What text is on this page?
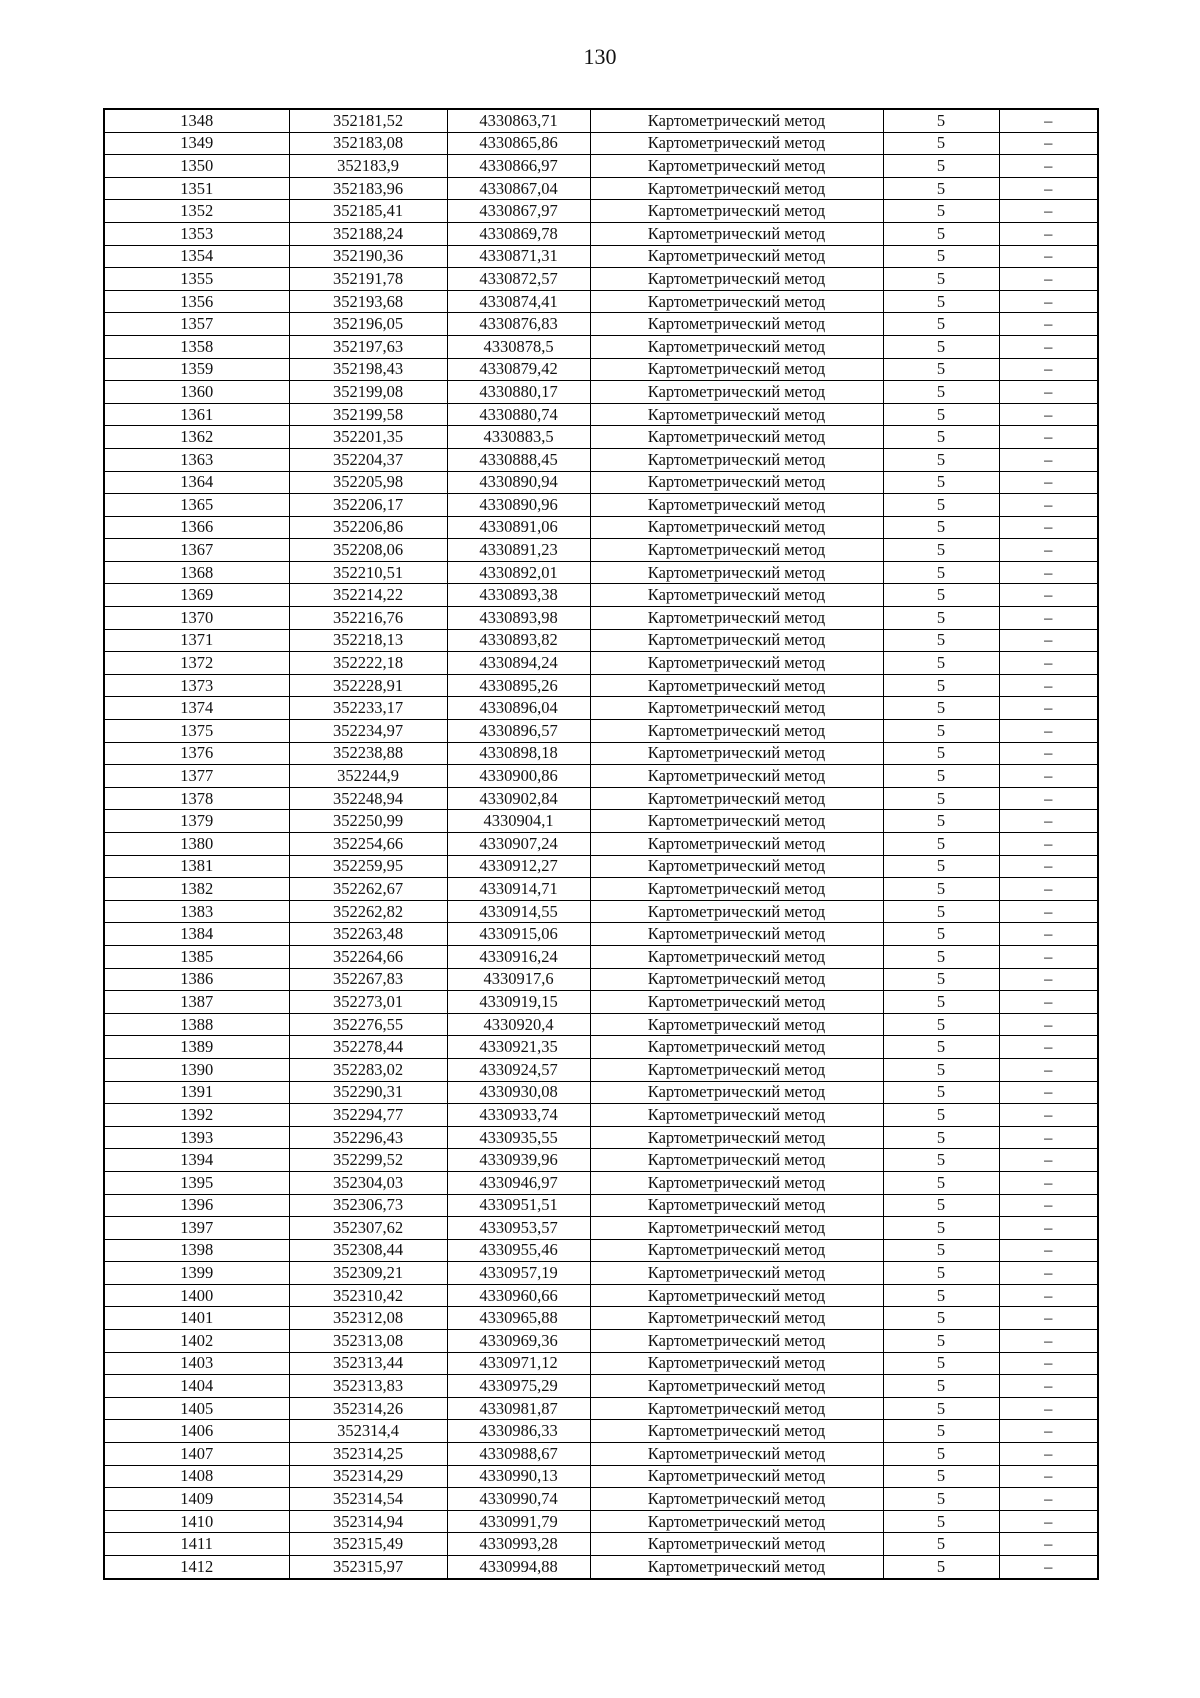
130
1348	352181,52	4330863,71	Картометрический метод	5	–
1349	352183,08	4330865,86	Картометрический метод	5	–
1350	352183,9	4330866,97	Картометрический метод	5	–
1351	352183,96	4330867,04	Картометрический метод	5	–
1352	352185,41	4330867,97	Картометрический метод	5	–
1353	352188,24	4330869,78	Картометрический метод	5	–
1354	352190,36	4330871,31	Картометрический метод	5	–
1355	352191,78	4330872,57	Картометрический метод	5	–
1356	352193,68	4330874,41	Картометрический метод	5	–
1357	352196,05	4330876,83	Картометрический метод	5	–
1358	352197,63	4330878,5	Картометрический метод	5	–
1359	352198,43	4330879,42	Картометрический метод	5	–
1360	352199,08	4330880,17	Картометрический метод	5	–
1361	352199,58	4330880,74	Картометрический метод	5	–
1362	352201,35	4330883,5	Картометрический метод	5	–
1363	352204,37	4330888,45	Картометрический метод	5	–
1364	352205,98	4330890,94	Картометрический метод	5	–
1365	352206,17	4330890,96	Картометрический метод	5	–
1366	352206,86	4330891,06	Картометрический метод	5	–
1367	352208,06	4330891,23	Картометрический метод	5	–
1368	352210,51	4330892,01	Картометрический метод	5	–
1369	352214,22	4330893,38	Картометрический метод	5	–
1370	352216,76	4330893,98	Картометрический метод	5	–
1371	352218,13	4330893,82	Картометрический метод	5	–
1372	352222,18	4330894,24	Картометрический метод	5	–
1373	352228,91	4330895,26	Картометрический метод	5	–
1374	352233,17	4330896,04	Картометрический метод	5	–
1375	352234,97	4330896,57	Картометрический метод	5	–
1376	352238,88	4330898,18	Картометрический метод	5	–
1377	352244,9	4330900,86	Картометрический метод	5	–
1378	352248,94	4330902,84	Картометрический метод	5	–
1379	352250,99	4330904,1	Картометрический метод	5	–
1380	352254,66	4330907,24	Картометрический метод	5	–
1381	352259,95	4330912,27	Картометрический метод	5	–
1382	352262,67	4330914,71	Картометрический метод	5	–
1383	352262,82	4330914,55	Картометрический метод	5	–
1384	352263,48	4330915,06	Картометрический метод	5	–
1385	352264,66	4330916,24	Картометрический метод	5	–
1386	352267,83	4330917,6	Картометрический метод	5	–
1387	352273,01	4330919,15	Картометрический метод	5	–
1388	352276,55	4330920,4	Картометрический метод	5	–
1389	352278,44	4330921,35	Картометрический метод	5	–
1390	352283,02	4330924,57	Картометрический метод	5	–
1391	352290,31	4330930,08	Картометрический метод	5	–
1392	352294,77	4330933,74	Картометрический метод	5	–
1393	352296,43	4330935,55	Картометрический метод	5	–
1394	352299,52	4330939,96	Картометрический метод	5	–
1395	352304,03	4330946,97	Картометрический метод	5	–
1396	352306,73	4330951,51	Картометрический метод	5	–
1397	352307,62	4330953,57	Картометрический метод	5	–
1398	352308,44	4330955,46	Картометрический метод	5	–
1399	352309,21	4330957,19	Картометрический метод	5	–
1400	352310,42	4330960,66	Картометрический метод	5	–
1401	352312,08	4330965,88	Картометрический метод	5	–
1402	352313,08	4330969,36	Картометрический метод	5	–
1403	352313,44	4330971,12	Картометрический метод	5	–
1404	352313,83	4330975,29	Картометрический метод	5	–
1405	352314,26	4330981,87	Картометрический метод	5	–
1406	352314,4	4330986,33	Картометрический метод	5	–
1407	352314,25	4330988,67	Картометрический метод	5	–
1408	352314,29	4330990,13	Картометрический метод	5	–
1409	352314,54	4330990,74	Картометрический метод	5	–
1410	352314,94	4330991,79	Картометрический метод	5	–
1411	352315,49	4330993,28	Картометрический метод	5	–
1412	352315,97	4330994,88	Картометрический метод	5	–
